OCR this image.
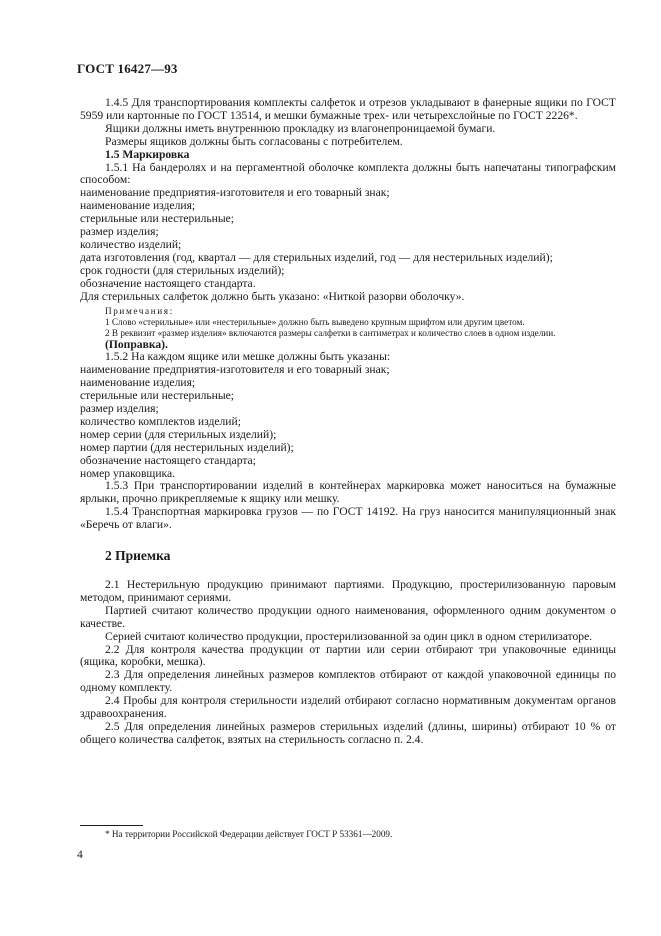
ГОСТ 16427—93

1.4.5 Для транспортирования комплекты салфеток и отрезов укладывают в фанерные ящики по ГОСТ 5959 или картонные по ГОСТ 13514, и мешки бумажные трех- или четырехслойные по ГОСТ 2226*.

Ящики должны иметь внутреннюю прокладку из влагонепроницаемой бумаги.

Размеры ящиков должны быть согласованы с потребителем.

1.5 Маркировка

1.5.1 На бандеролях и на пергаментной оболочке комплекта должны быть напечатаны типографским способом:

наименование предприятия-изготовителя и его товарный знак;

наименование изделия;

стерильные или нестерильные;

размер изделия;

количество изделий;

дата изготовления (год, квартал — для стерильных изделий, год — для нестерильных изделий);

срок годности (для стерильных изделий);

обозначение настоящего стандарта.

Для стерильных салфеток должно быть указано: «Ниткой разорви оболочку».

Примечания:

1 Слово «стерильные» или «нестерильные» должно быть выведено крупным шрифтом или другим цветом.

2 В реквизит «размер изделия» включаются размеры салфетки в сантиметрах и количество слоев в одном изделии.

(Поправка).

1.5.2 На каждом ящике или мешке должны быть указаны:

наименование предприятия-изготовителя и его товарный знак;

наименование изделия;

стерильные или нестерильные;

размер изделия;

количество комплектов изделий;

номер серии (для стерильных изделий);

номер партии (для нестерильных изделий);

обозначение настоящего стандарта;

номер упаковщика.

1.5.3 При транспортировании изделий в контейнерах маркировка может наноситься на бумажные ярлыки, прочно прикрепляемые к ящику или мешку.

1.5.4 Транспортная маркировка грузов — по ГОСТ 14192. На груз наносится манипуляционный знак «Беречь от влаги».

2 Приемка

2.1 Нестерильную продукцию принимают партиями. Продукцию, простерилизованную паровым методом, принимают сериями.

Партией считают количество продукции одного наименования, оформленного одним документом о качестве.

Серией считают количество продукции, простерилизованной за один цикл в одном стерилизаторе.

2.2 Для контроля качества продукции от партии или серии отбирают три упаковочные единицы (ящика, коробки, мешка).

2.3 Для определения линейных размеров комплектов отбирают от каждой упаковочной единицы по одному комплекту.

2.4 Пробы для контроля стерильности изделий отбирают согласно нормативным документам органов здравоохранения.

2.5 Для определения линейных размеров стерильных изделий (длины, ширины) отбирают 10 % от общего количества салфеток, взятых на стерильность согласно п. 2.4.

* На территории Российской Федерации действует ГОСТ Р 53361—2009.
4
